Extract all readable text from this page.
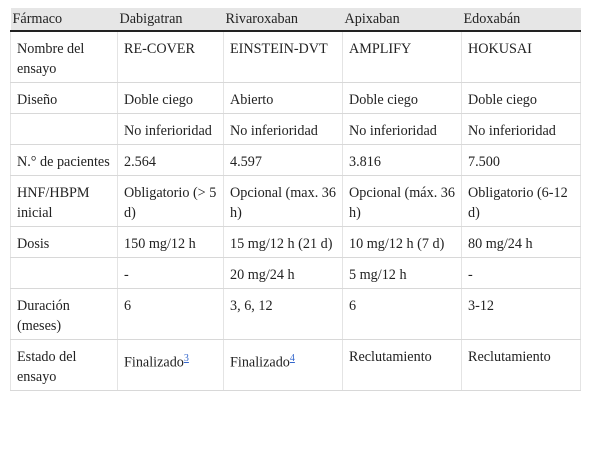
Fármaco	Dabigatran	Rivaroxaban	Apixaban	Edoxabán
Nombre del ensayo	RE-COVER	EINSTEIN-DVT	AMPLIFY	HOKUSAI
Diseño	Doble ciego	Abierto	Doble ciego	Doble ciego
	No inferioridad	No inferioridad	No inferioridad	No inferioridad
N.° de pacientes	2.564	4.597	3.816	7.500
HNF/HBPM inicial	Obligatorio (> 5 d)	Opcional (max. 36 h)	Opcional (máx. 36 h)	Obligatorio (6-12 d)
Dosis	150 mg/12 h	15 mg/12 h (21 d)	10 mg/12 h (7 d)	80 mg/24 h
	-	20 mg/24 h	5 mg/12 h	-
Duración (meses)	6	3, 6, 12	6	3-12
Estado del ensayo	Finalizado$^3$	Finalizado$^4$	Reclutamiento	Reclutamiento
